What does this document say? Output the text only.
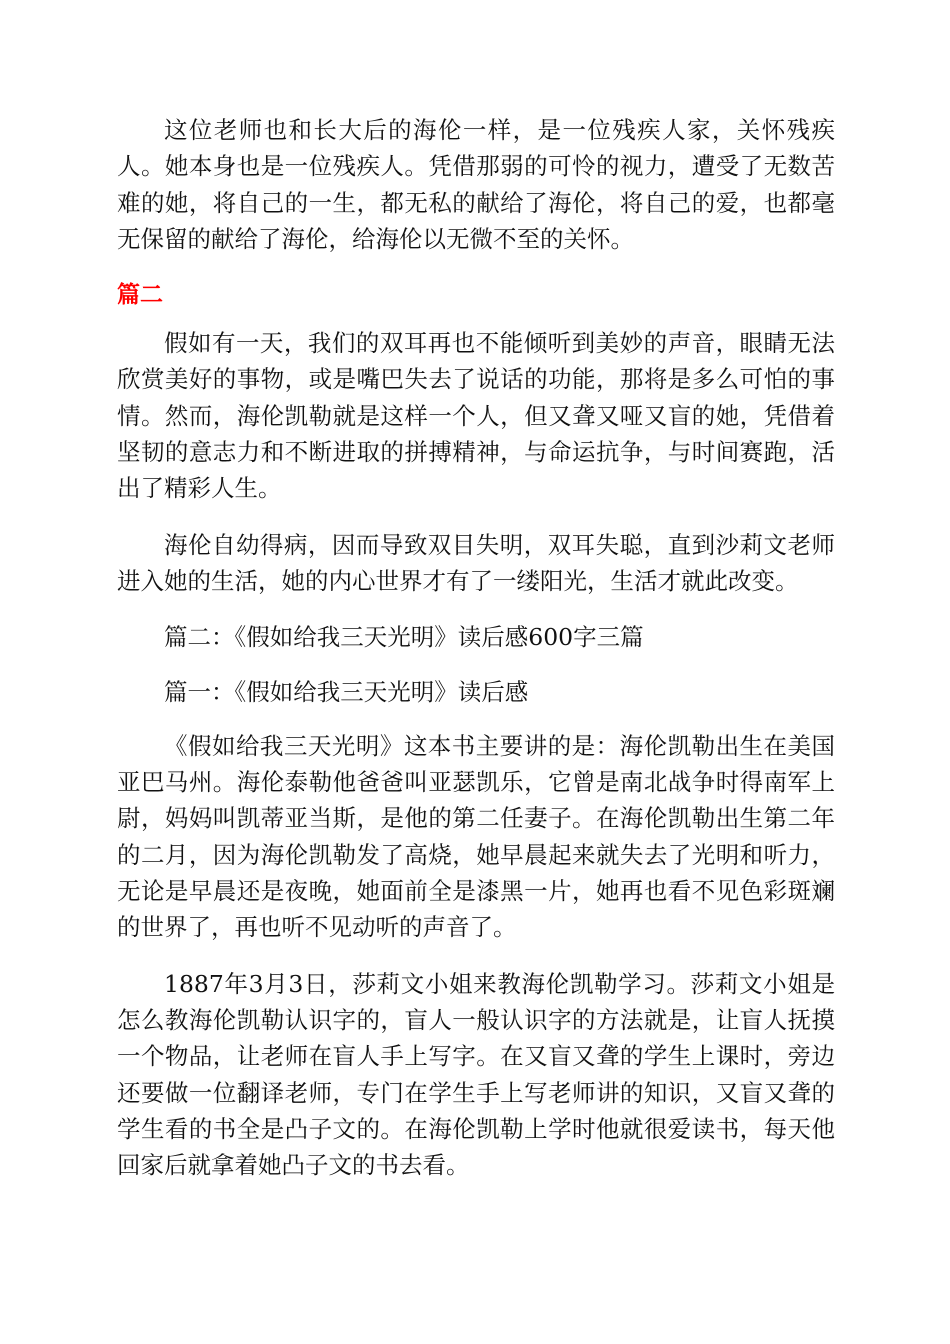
这位老师也和长大后的海伦一样，是一位残疾人家，关怀残疾人。她本身也是一位残疾人。凭借那弱的可怜的视力，遭受了无数苦难的她，将自己的一生，都无私的献给了海伦，将自己的爱，也都毫无保留的献给了海伦，给海伦以无微不至的关怀。

篇二

假如有一天，我们的双耳再也不能倾听到美妙的声音，眼睛无法欣赏美好的事物，或是嘴巴失去了说话的功能，那将是多么可怕的事情。然而，海伦凯勒就是这样一个人，但又聋又哑又盲的她，凭借着坚韧的意志力和不断进取的拼搏精神，与命运抗争，与时间赛跑，活出了精彩人生。

海伦自幼得病，因而导致双目失明，双耳失聪，直到沙莉文老师进入她的生活，她的内心世界才有了一缕阳光，生活才就此改变。

篇二：《假如给我三天光明》读后感600字三篇

篇一：《假如给我三天光明》读后感

《假如给我三天光明》这本书主要讲的是：海伦凯勒出生在美国亚巴马州。海伦泰勒他爸爸叫亚瑟凯乐，它曾是南北战争时得南军上尉，妈妈叫凯蒂亚当斯，是他的第二任妻子。在海伦凯勒出生第二年的二月，因为海伦凯勒发了高烧，她早晨起来就失去了光明和听力，无论是早晨还是夜晚，她面前全是漆黑一片，她再也看不见色彩斑斓的世界了，再也听不见动听的声音了。

1887年3月3日，莎莉文小姐来教海伦凯勒学习。莎莉文小姐是怎么教海伦凯勒认识字的，盲人一般认识字的方法就是，让盲人抚摸一个物品，让老师在盲人手上写字。在又盲又聋的学生上课时，旁边还要做一位翻译老师，专门在学生手上写老师讲的知识，又盲又聋的学生看的书全是凸子文的。在海伦凯勒上学时他就很爱读书，每天他回家后就拿着她凸子文的书去看。
